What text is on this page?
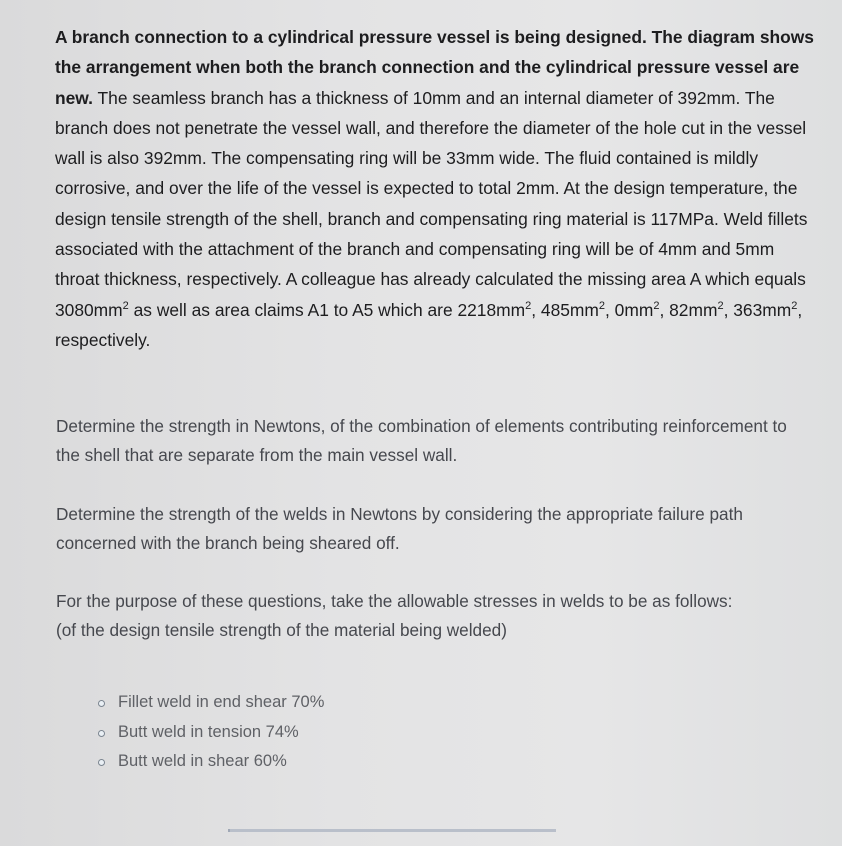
A branch connection to a cylindrical pressure vessel is being designed. The diagram shows the arrangement when both the branch connection and the cylindrical pressure vessel are new. The seamless branch has a thickness of 10mm and an internal diameter of 392mm. The branch does not penetrate the vessel wall, and therefore the diameter of the hole cut in the vessel wall is also 392mm. The compensating ring will be 33mm wide. The fluid contained is mildly corrosive, and over the life of the vessel is expected to total 2mm. At the design temperature, the design tensile strength of the shell, branch and compensating ring material is 117MPa. Weld fillets associated with the attachment of the branch and compensating ring will be of 4mm and 5mm throat thickness, respectively. A colleague has already calculated the missing area A which equals $3080mm^2$ as well as area claims A1 to A5 which are $2218mm^2$, $485mm^2$, $0mm^2$, $82mm^2$, $363mm^2$, respectively.
Determine the strength in Newtons, of the combination of elements contributing reinforcement to the shell that are separate from the main vessel wall.
Determine the strength of the welds in Newtons by considering the appropriate failure path concerned with the branch being sheared off.

For the purpose of these questions, take the allowable stresses in welds to be as follows:

(of the design tensile strength of the material being welded)

Fillet weld in end shear 70%
Butt weld in tension 74%
Butt weld in shear 60%
